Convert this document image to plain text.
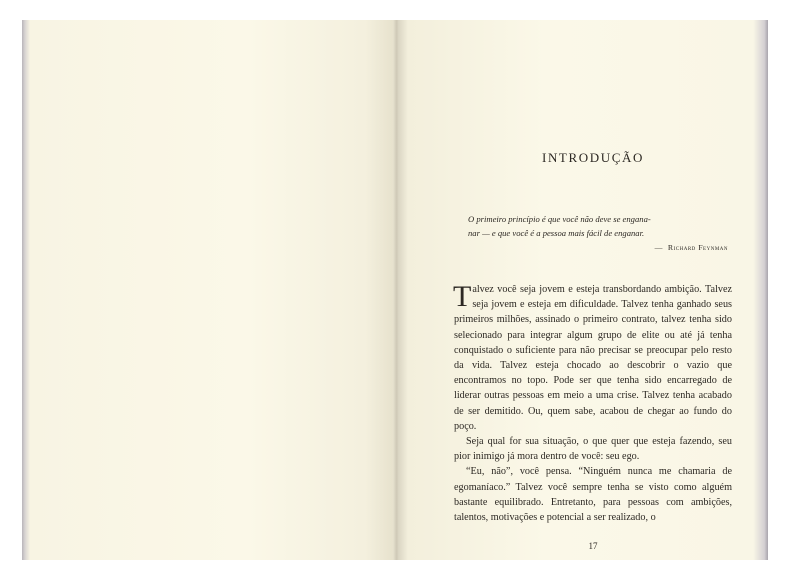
INTRODUÇÃO

O primeiro princípio é que você não deve se engana-

nar — e que você é a pessoa mais fácil de enganar.

— Richard Feynman

Talvez você seja jovem e esteja transbordando ambição. Talvez seja jovem e esteja em dificuldade. Talvez tenha ganhado seus primeiros milhões, assinado o primeiro contrato, talvez tenha sido selecionado para integrar algum grupo de elite ou até já tenha conquistado o suficiente para não precisar se preocupar pelo resto da vida. Talvez esteja chocado ao descobrir o vazio que encontramos no topo. Pode ser que tenha sido encarregado de liderar outras pessoas em meio a uma crise. Talvez tenha acabado de ser demitido. Ou, quem sabe, acabou de chegar ao fundo do poço.

Seja qual for sua situação, o que quer que esteja fazendo, seu pior inimigo já mora dentro de você: seu ego.

“Eu, não”, você pensa. “Ninguém nunca me chamaria de egomaníaco.” Talvez você sempre tenha se visto como alguém bastante equilibrado. Entretanto, para pessoas com ambições, talentos, motivações e potencial a ser realizado, o

17
